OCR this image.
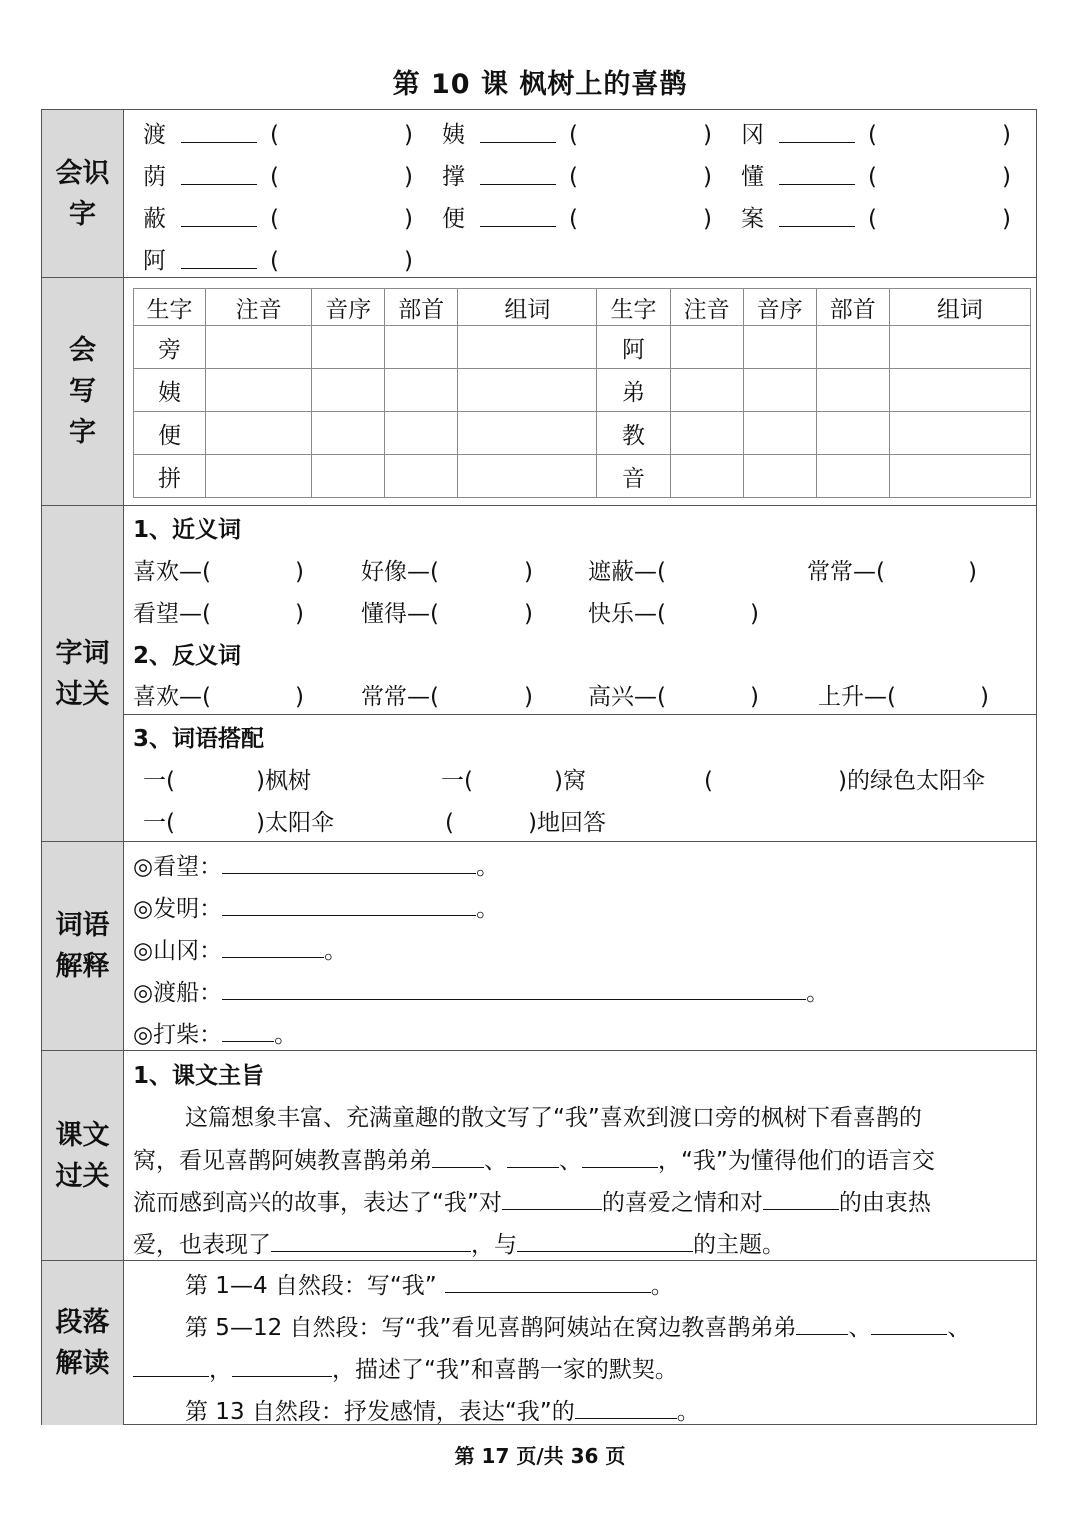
第 10 课 枫树上的喜鹊
会识
字
渡	(	) 姨	(	) 冈	(	)
荫	(	) 撑	(	) 懂	(	)
蔽	(	) 便	(	) 案	(	)
阿	(	)
会
写
字
生字	注音	音序	部首	组词	生字	注音	音序	部首	组词
旁					阿				
姨					弟				
便					教				
拼					音				
字词
过关
1、近义词
喜欢—(	) 好像—(	) 遮蔽—(	常常—(	)
看望—(	) 懂得—(	) 快乐—(	)
2、反义词
喜欢—(	) 常常—(	) 高兴—(	)	上升—(	)
3、词语搭配
一(	)枫树	一(	)窝	(	)的绿色太阳伞
一(	)太阳伞	(	)地回答
词语
解释
◎看望：	。
◎发明：	。
◎山冈：	。
◎渡船：	。
◎打柴： 。
课文
过关
1、课文主旨
这篇想象丰富、充满童趣的散文写了“我”喜欢到渡口旁的枫树下看喜鹊的
窝，看见喜鹊阿姨教喜鹊弟弟 、 、	，“我”为懂得他们的语言交
流而感到高兴的故事，表达了“我”对	的喜爱之情和对	的由衷热
爱，也表现了	，与	的主题。
段落
解读
第 1—4 自然段：写“我”	。
第 5—12 自然段：写“我”看见喜鹊阿姨站在窝边教喜鹊弟弟 、	、
，	，描述了“我”和喜鹊一家的默契。
第 13 自然段：抒发感情，表达“我”的	。
第 17 页/共 36 页
